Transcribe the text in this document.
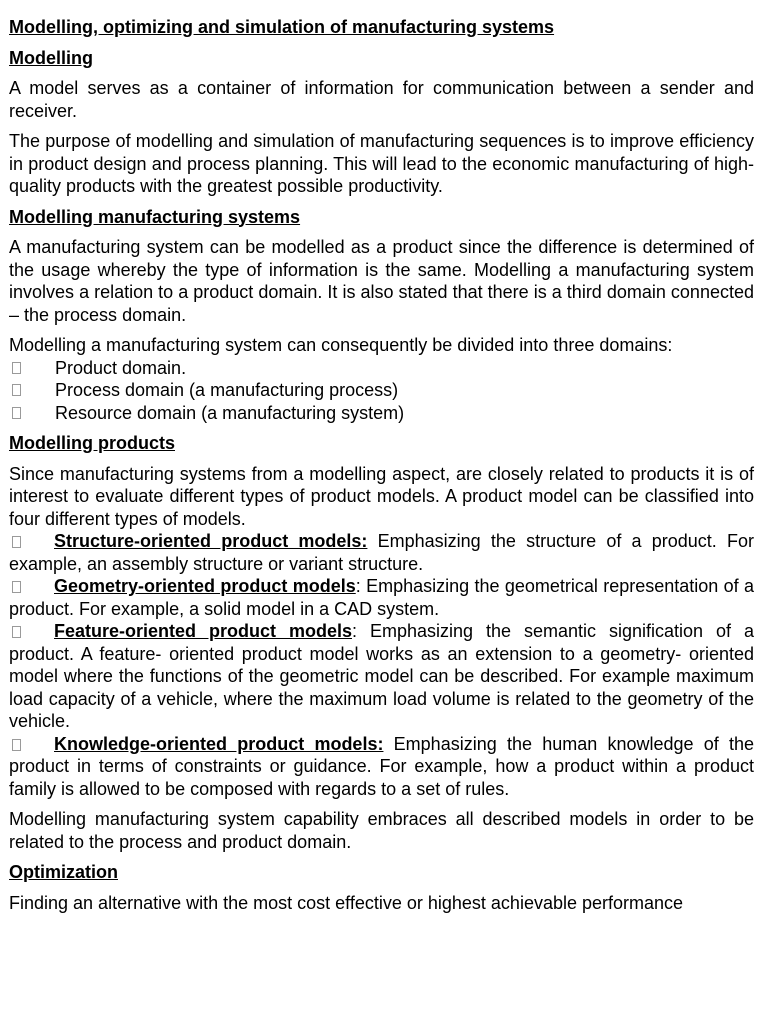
Modelling, optimizing and simulation of manufacturing systems

Modelling

A model serves as a container of information for communication between a sender and receiver.

The purpose of modelling and simulation of manufacturing sequences is to improve efficiency in product design and process planning. This will lead to the economic manufacturing of high- quality products with the greatest possible productivity.

Modelling manufacturing systems

A manufacturing system can be modelled as a product since the difference is determined of the usage whereby the type of information is the same. Modelling a manufacturing system involves a relation to a product domain. It is also stated that there is a third domain connected – the process domain.

Modelling a manufacturing system can consequently be divided into three domains:

Product domain.

Process domain (a manufacturing process)

Resource domain (a manufacturing system)

Modelling products

Since manufacturing systems from a modelling aspect, are closely related to products it is of interest to evaluate different types of product models. A product model can be classified into four different types of models.

Structure-oriented product models: Emphasizing the structure of a product. For example, an assembly structure or variant structure.

Geometry-oriented product models: Emphasizing the geometrical representation of a product. For example, a solid model in a CAD system.

Feature-oriented product models: Emphasizing the semantic signification of a product. A feature- oriented product model works as an extension to a geometry- oriented model where the functions of the geometric model can be described. For example maximum load capacity of a vehicle, where the maximum load volume is related to the geometry of the vehicle.

Knowledge-oriented product models: Emphasizing the human knowledge of the product in terms of constraints or guidance. For example, how a product within a product family is allowed to be composed with regards to a set of rules.

Modelling manufacturing system capability embraces all described models in order to be related to the process and product domain.

Optimization

Finding an alternative with the most cost effective or highest achievable performance
